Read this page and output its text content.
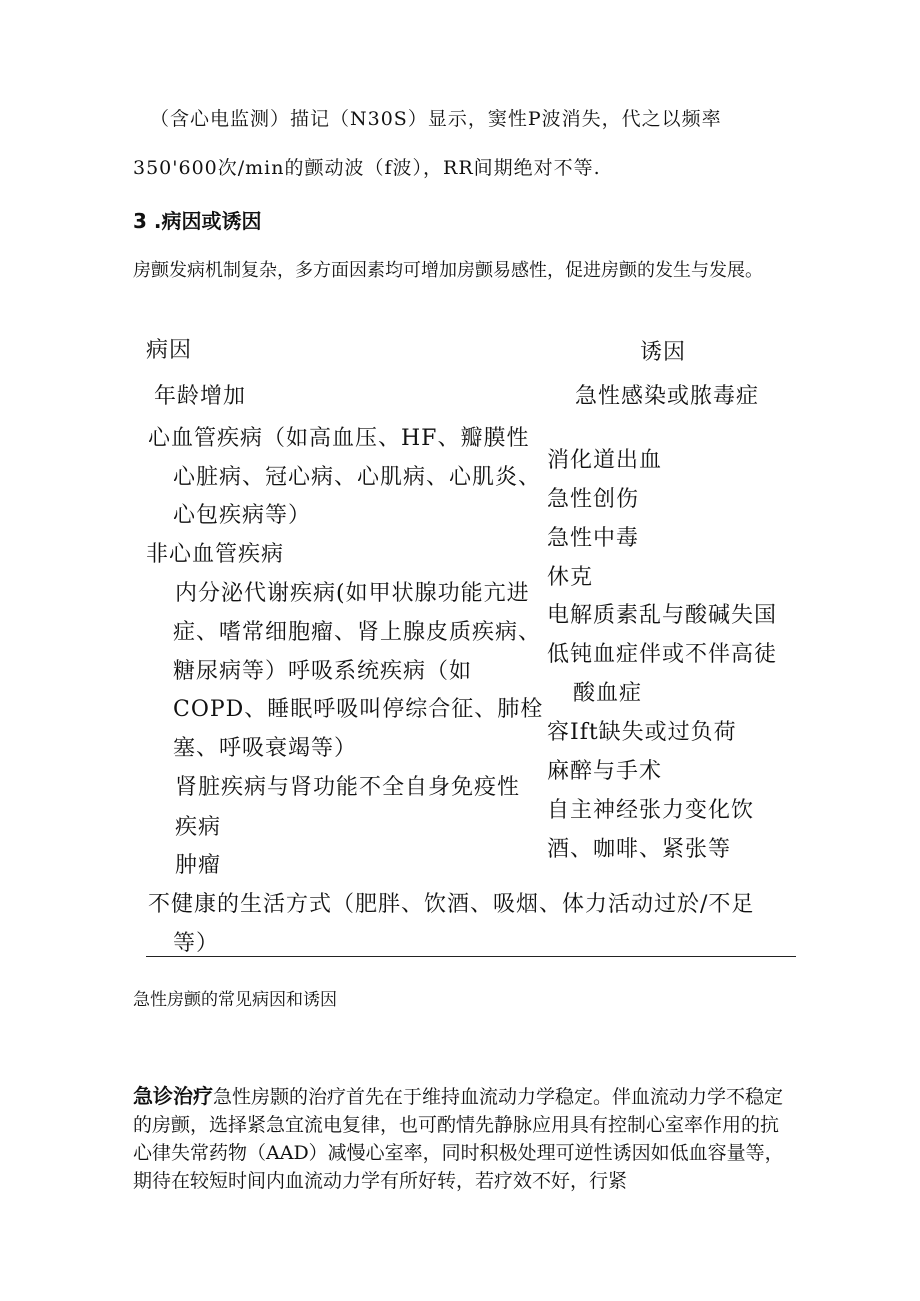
（含心电监测）描记（N30S）显示，窦性P波消失，代之以频率
350'600次/min的颤动波（f波），RR间期绝对不等.
3 .病因或诱因
房颤发病机制复杂，多方面因素均可增加房颤易感性，促进房颤的发生与发展。
病因	诱因
年龄增加
心血管疾病（如高血压、HF、瓣膜性
心脏病、冠心病、心肌病、心肌炎、
心包疾病等）
非心血管疾病
内分泌代谢疾病(如甲状腺功能亢进
症、嗜常细胞瘤、肾上腺皮质疾病、
糖尿病等）呼吸系统疾病（如
COPD、睡眠呼吸叫停综合征、肺栓
塞、呼吸衰竭等）
肾脏疾病与肾功能不全自身免疫性
疾病
肿瘤
不健康的生活方式（肥胖、饮酒、吸烟、体力活动过於/不足
等）
急性感染或脓毒症
消化道出血
急性创伤
急性中毒
休克
电解质素乱与酸碱失国
低钝血症伴或不伴高徒
酸血症
容Ift缺失或过负荷
麻醉与手术
自主神经张力变化饮
酒、咖啡、紧张等
急性房颤的常见病因和诱因
急诊治疗急性房颢的治疗首先在于维持血流动力学稳定。伴血流动力学不稳定的房颤，选择紧急宜流电复律，也可酌情先静脉应用具有控制心室率作用的抗心律失常药物（AAD）减慢心室率，同时积极处理可逆性诱因如低血容量等，期待在较短时间内血流动力学有所好转，若疗效不好，行紧
